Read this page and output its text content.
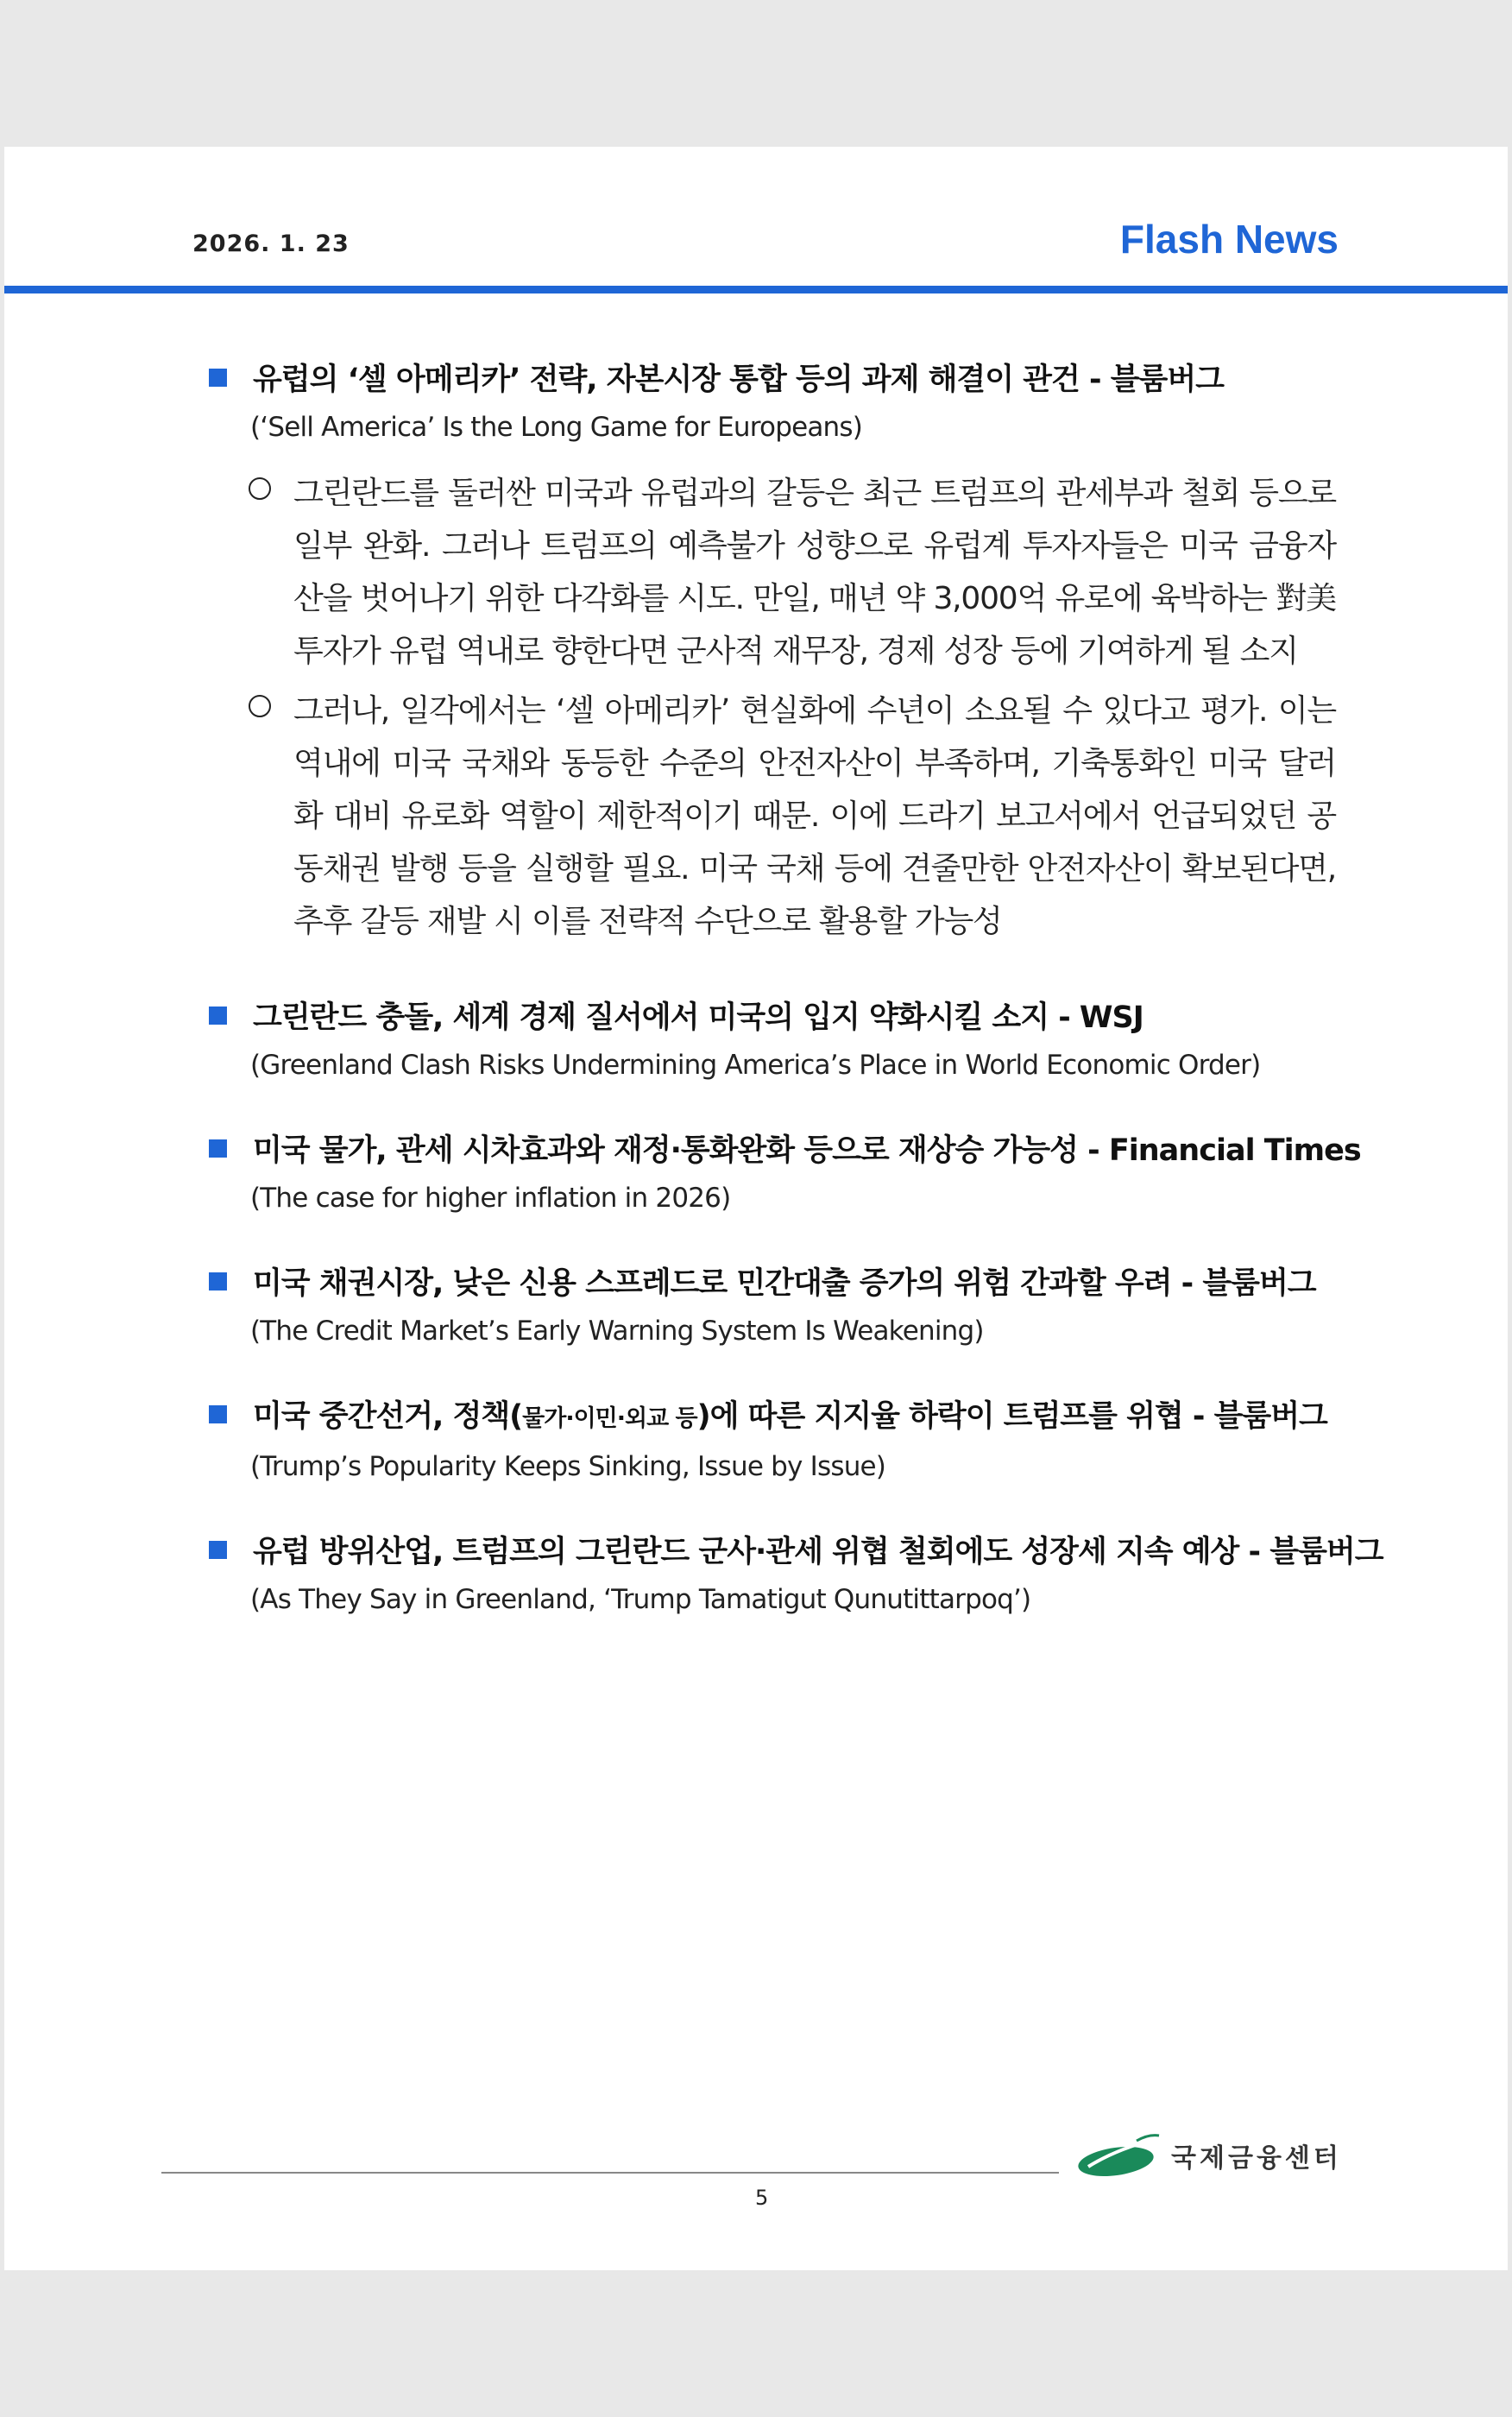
2026. 1. 23	Flash News
유럽의 ‘셀 아메리카’ 전략, 자본시장 통합 등의 과제 해결이 관건 - 블룸버그
(‘Sell America’ Is the Long Game for Europeans)
그린란드를 둘러싼 미국과 유럽과의 갈등은 최근 트럼프의 관세부과 철회 등으로 일부 완화. 그러나 트럼프의 예측불가 성향으로 유럽계 투자자들은 미국 금융자산을 벗어나기 위한 다각화를 시도. 만일, 매년 약 3,000억 유로에 육박하는 對美 투자가 유럽 역내로 향한다면 군사적 재무장, 경제 성장 등에 기여하게 될 소지
그러나, 일각에서는 ‘셀 아메리카’ 현실화에 수년이 소요될 수 있다고 평가. 이는 역내에 미국 국채와 동등한 수준의 안전자산이 부족하며, 기축통화인 미국 달러화 대비 유로화 역할이 제한적이기 때문. 이에 드라기 보고서에서 언급되었던 공동채권 발행 등을 실행할 필요. 미국 국채 등에 견줄만한 안전자산이 확보된다면, 추후 갈등 재발 시 이를 전략적 수단으로 활용할 가능성
그린란드 충돌, 세계 경제 질서에서 미국의 입지 약화시킬 소지 - WSJ
(Greenland Clash Risks Undermining America’s Place in World Economic Order)
미국 물가, 관세 시차효과와 재정·통화완화 등으로 재상승 가능성 - Financial Times
(The case for higher inflation in 2026)
미국 채권시장, 낮은 신용 스프레드로 민간대출 증가의 위험 간과할 우려 - 블룸버그
(The Credit Market’s Early Warning System Is Weakening)
미국 중간선거, 정책(물가·이민·외교 등)에 따른 지지율 하락이 트럼프를 위협 - 블룸버그
(Trump’s Popularity Keeps Sinking, Issue by Issue)
유럽 방위산업, 트럼프의 그린란드 군사·관세 위협 철회에도 성장세 지속 예상 - 블룸버그
(As They Say in Greenland, ‘Trump Tamatigut Qunutittarpoq’)
5
국제금융센터
